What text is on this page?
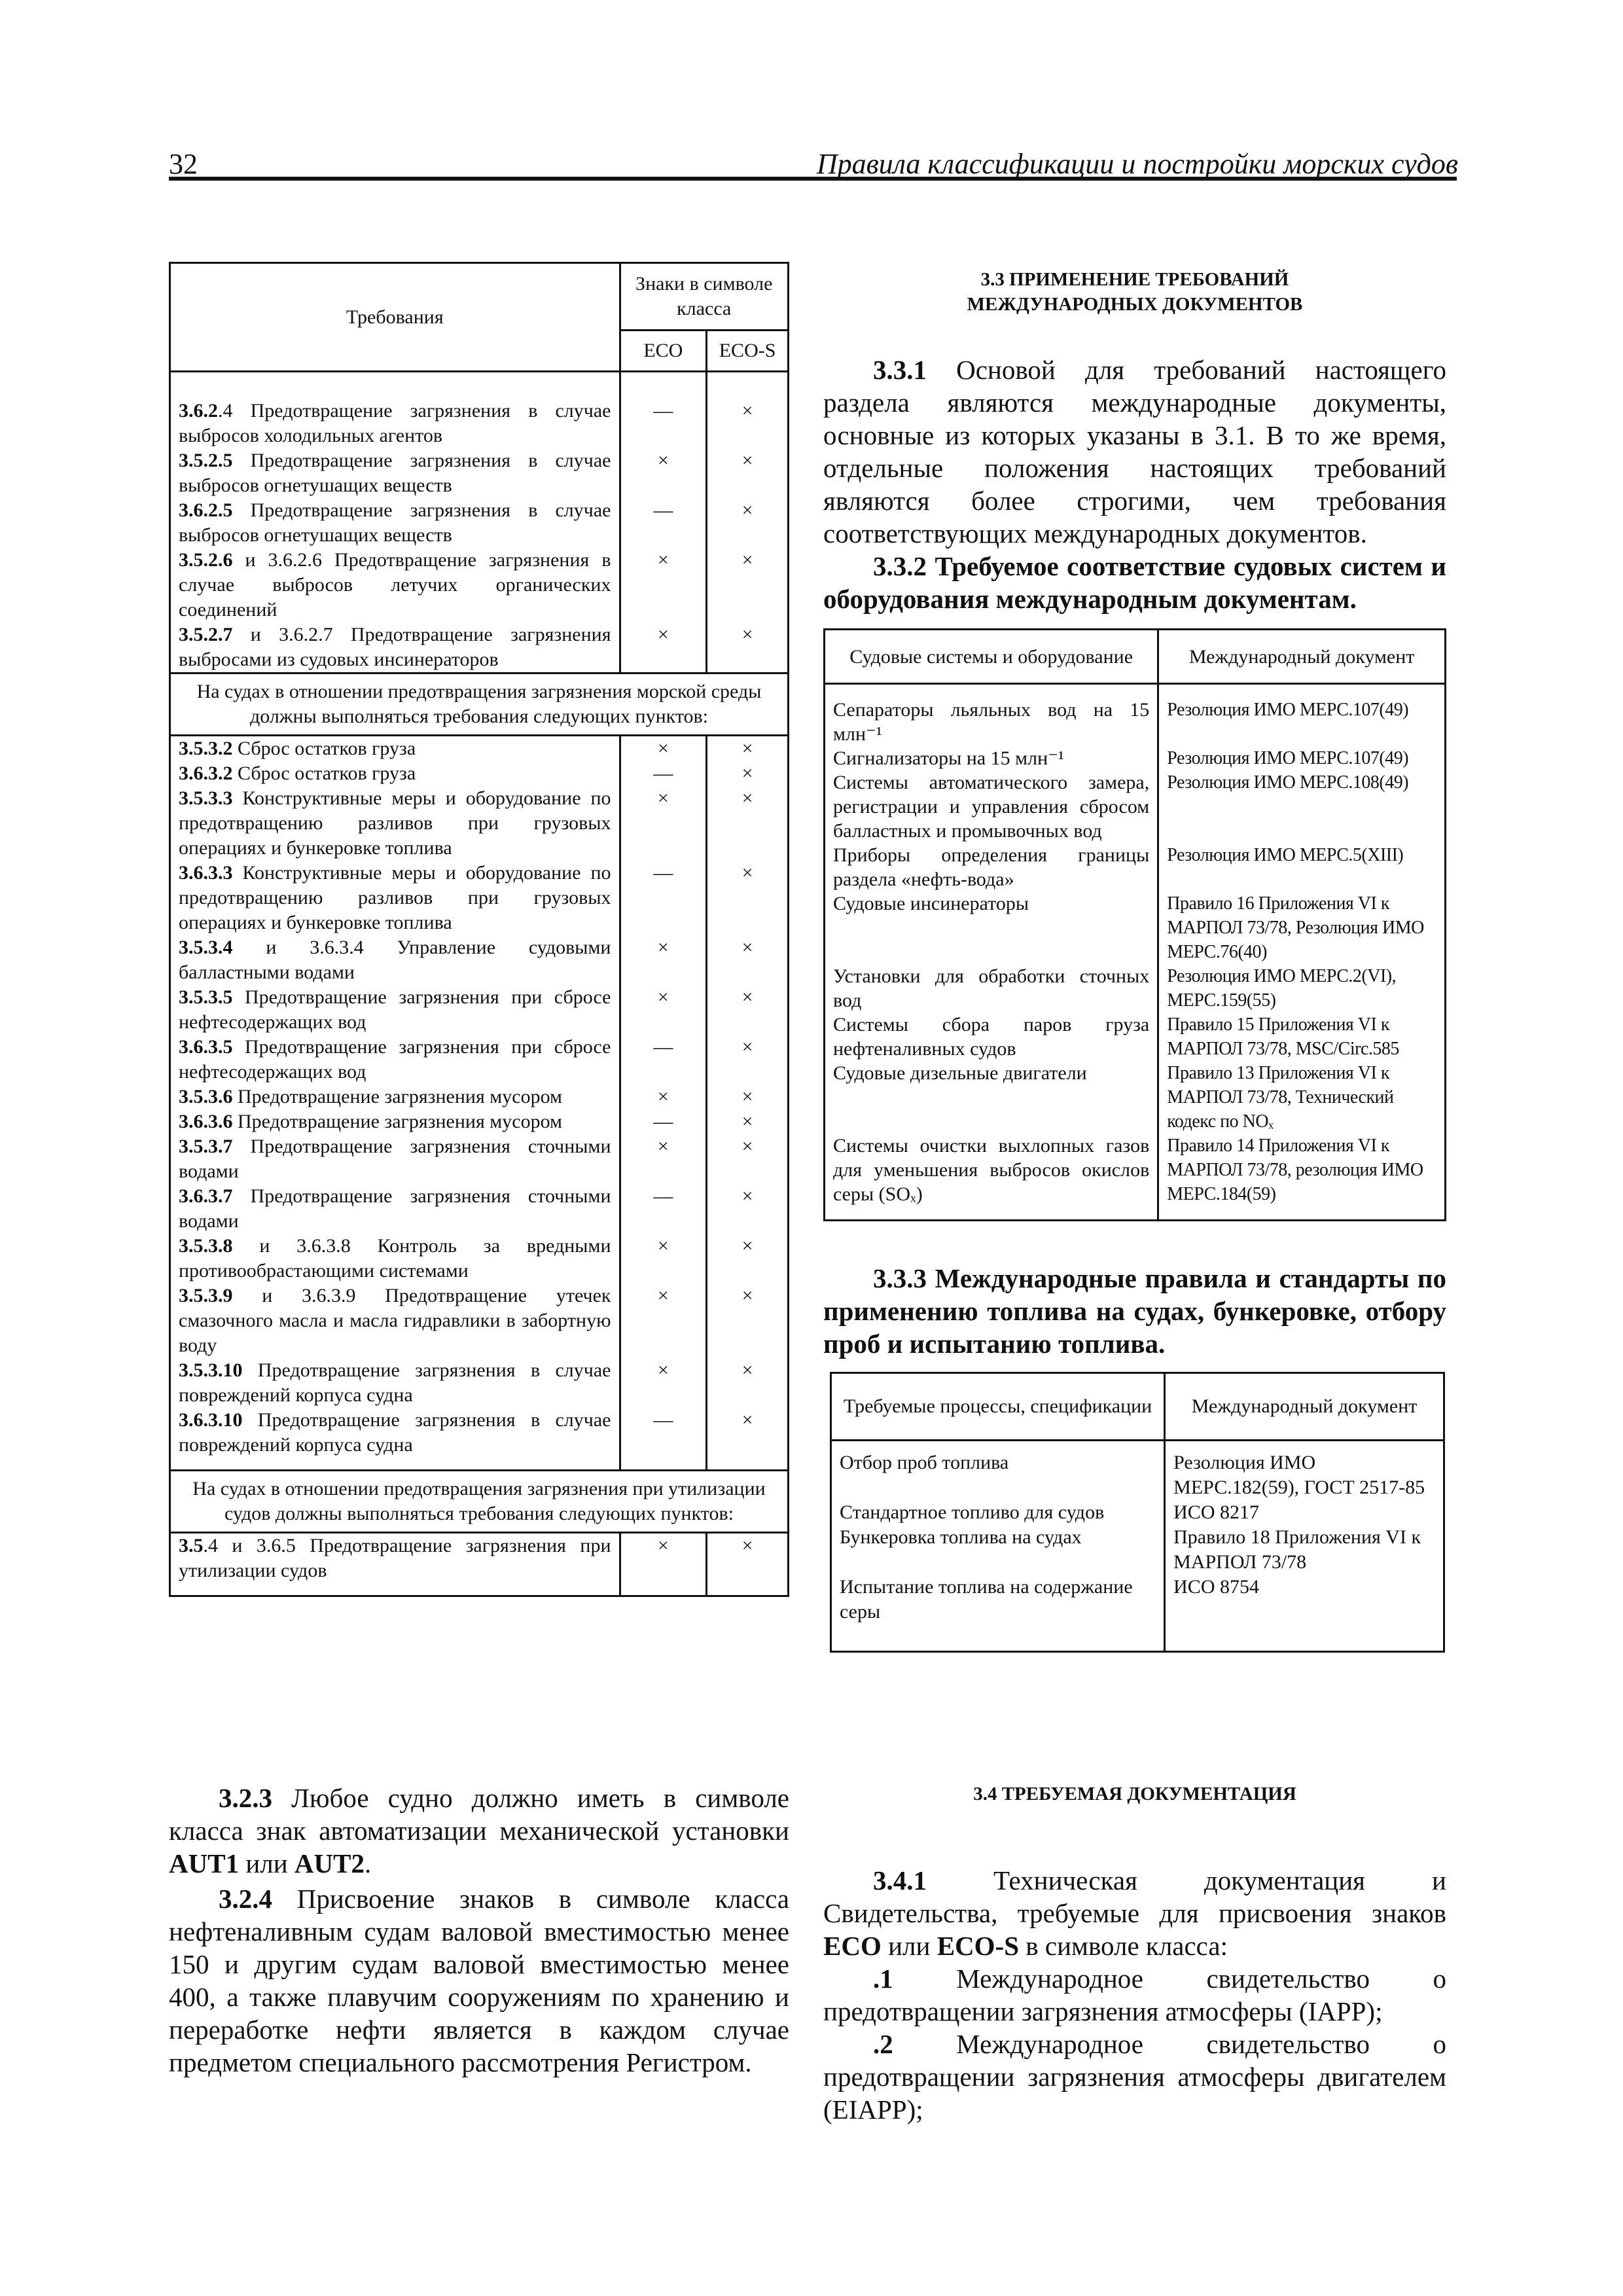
32	Правила классификации и постройки морских судов
Требования	Знаки в символе класса	
	ECO	ECO-S

3.6.2.4 Предотвращение загрязнения в случае выбросов холодильных агентов	—	×
3.5.2.5 Предотвращение загрязнения в случае выбросов огнетушащих веществ	×	×
3.6.2.5 Предотвращение загрязнения в случае выбросов огнетушащих веществ	—	×
3.5.2.6 и 3.6.2.6 Предотвращение загрязнения в случае выбросов летучих органических соединений	×	×
3.5.2.7 и 3.6.2.7 Предотвращение загрязнения выбросами из судовых инсинераторов	×	×
На судах в отношении предотвращения загрязнения морской среды должны выполняться требования следующих пунктов:		
3.5.3.2 Сброс остатков груза	×	×
3.6.3.2 Сброс остатков груза	—	×
3.5.3.3 Конструктивные меры и оборудование по предотвращению разливов при грузовых операциях и бункеровке топлива	×	×
3.6.3.3 Конструктивные меры и оборудование по предотвращению разливов при грузовых операциях и бункеровке топлива	—	×
3.5.3.4 и 3.6.3.4 Управление судовыми балластными водами	×	×
3.5.3.5 Предотвращение загрязнения при сбросе нефтесодержащих вод	×	×
3.6.3.5 Предотвращение загрязнения при сбросе нефтесодержащих вод	—	×
3.5.3.6 Предотвращение загрязнения мусором	×	×
3.6.3.6 Предотвращение загрязнения мусором	—	×
3.5.3.7 Предотвращение загрязнения сточными водами	×	×
3.6.3.7 Предотвращение загрязнения сточными водами	—	×
3.5.3.8 и 3.6.3.8 Контроль за вредными противообрастающими системами	×	×
3.5.3.9 и 3.6.3.9 Предотвращение утечек смазочного масла и масла гидравлики в забортную воду	×	×
3.5.3.10 Предотвращение загрязнения в случае повреждений корпуса судна	×	×
3.6.3.10 Предотвращение загрязнения в случае повреждений корпуса судна	—	×

На судах в отношении предотвращения загрязнения при утилизации судов должны выполняться требования следующих пунктов:		
3.5.4 и 3.6.5 Предотвращение загрязнения при утилизации судов	×	×

3.2.3 Любое судно должно иметь в символе класса знак автоматизации механической установки AUT1 или AUT2.
3.2.4 Присвоение знаков в символе класса нефтеналивным судам валовой вместимостью менее 150 и другим судам валовой вместимостью менее 400, а также плавучим сооружениям по хранению и переработке нефти является в каждом случае предметом специального рассмотрения Регистром.
3.3 ПРИМЕНЕНИЕ ТРЕБОВАНИЙ
МЕЖДУНАРОДНЫХ ДОКУМЕНТОВ
3.3.1 Основой для требований настоящего раздела являются международные документы, основные из которых указаны в 3.1. В то же время, отдельные положения настоящих требований являются более строгими, чем требования соответствующих международных документов.
3.3.2 Требуемое соответствие судовых систем и оборудования международным документам.
Судовые системы и оборудование	Международный документ

Сепараторы льяльных вод на 15 млн⁻¹	Резолюция ИМО МЕРС.107(49)
Сигнализаторы на 15 млн⁻¹	Резолюция ИМО МЕРС.107(49)
Системы автоматического замера, регистрации и управления сбросом балластных и промывочных вод	Резолюция ИМО МЕРС.108(49)
Приборы определения границы раздела «нефть-вода»	Резолюция ИМО МЕРС.5(XIII)
Судовые инсинераторы	Правило 16 Приложения VI к МАРПОЛ 73/78, Резолюция ИМО МЕРС.76(40)
Установки для обработки сточных вод	Резолюция ИМО МЕРС.2(VI), МЕРС.159(55)
Системы сбора паров груза нефтеналивных судов	Правило 15 Приложения VI к МАРПОЛ 73/78, MSC/Circ.585
Судовые дизельные двигатели	Правило 13 Приложения VI к МАРПОЛ 73/78, Технический кодекс по NOₓ
Системы очистки выхлопных газов для уменьшения выбросов окислов серы (SOₓ)	Правило 14 Приложения VI к МАРПОЛ 73/78, резолюция ИМО МЕРС.184(59)

3.3.3 Международные правила и стандарты по применению топлива на судах, бункеровке, отбору проб и испытанию топлива.
Требуемые процессы, спецификации	Международный документ
Отбор проб топлива	Резолюция ИМО МЕРС.182(59), ГОСТ 2517-85
Стандартное топливо для судов	ИСО 8217
Бункеровка топлива на судах	Правило 18 Приложения VI к МАРПОЛ 73/78
Испытание топлива на содержание серы	ИСО 8754

3.4 ТРЕБУЕМАЯ ДОКУМЕНТАЦИЯ
3.4.1 Техническая документация и Свидетельства, требуемые для присвоения знаков ECO или ECO-S в символе класса:
.1 Международное свидетельство о предотвращении загрязнения атмосферы (IAPP);
.2 Международное свидетельство о предотвращении загрязнения атмосферы двигателем (EIAPP);
